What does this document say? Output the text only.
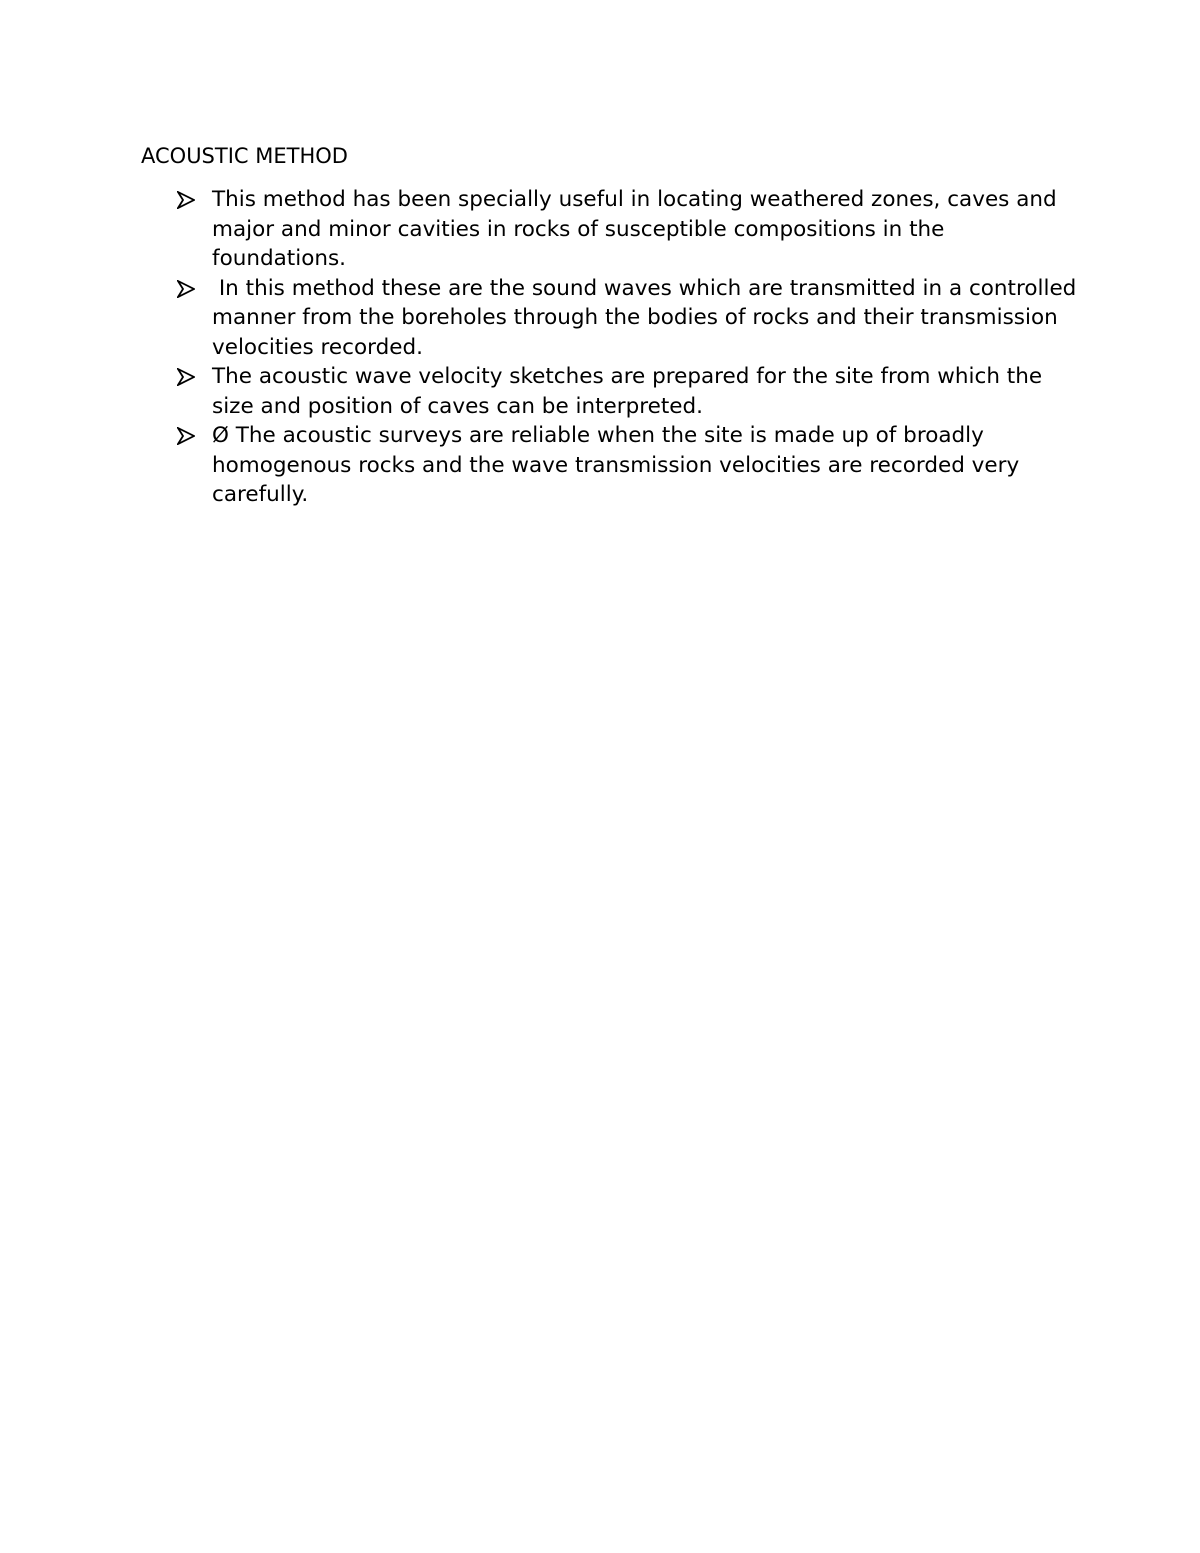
ACOUSTIC METHOD
This method has been specially useful in locating weathered zones, caves and major and minor cavities in rocks of susceptible compositions in the foundations.
In this method these are the sound waves which are transmitted in a controlled manner from the boreholes through the bodies of rocks and their transmission velocities recorded.
The acoustic wave velocity sketches are prepared for the site from which the size and position of caves can be interpreted.
Ø The acoustic surveys are reliable when the site is made up of broadly homogenous rocks and the wave transmission velocities are recorded very carefully.
